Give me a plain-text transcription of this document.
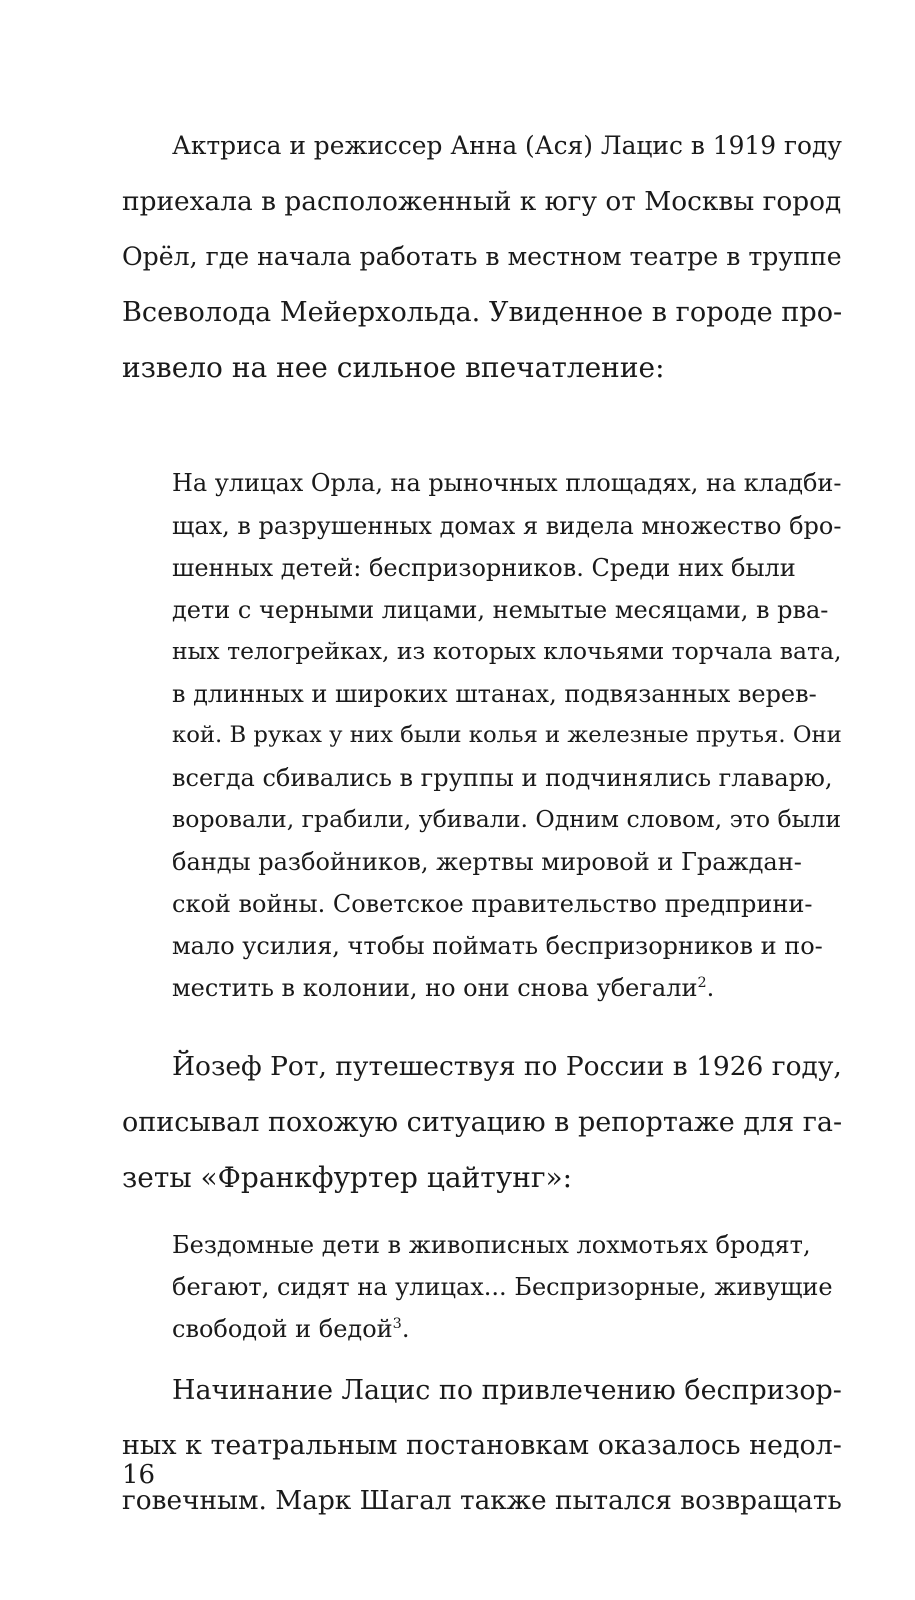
Актриса и режиссер Анна (Ася) Лацис в 1919 году

приехала в расположенный к югу от Москвы город

Орёл, где начала работать в местном театре в труппе

Всеволода Мейерхольда. Увиденное в городе про-

извело на нее сильное впечатление:

На улицах Орла, на рыночных площадях, на кладби-

щах, в разрушенных домах я видела множество бро-

шенных детей: беспризорников. Среди них были

дети с черными лицами, немытые месяцами, в рва-

ных телогрейках, из которых клочьями торчала вата,

в длинных и широких штанах, подвязанных верев-

кой. В руках у них были колья и железные прутья. Они

всегда сбивались в группы и подчинялись главарю,

воровали, грабили, убивали. Одним словом, это были

банды разбойников, жертвы мировой и Граждан-

ской войны. Советское правительство предприни-

мало усилия, чтобы поймать беспризорников и по-

местить в колонии, но они снова убегали$^2$.

Йозеф Рот, путешествуя по России в 1926 году,

описывал похожую ситуацию в репортаже для га-

зеты «Франкфуртер цайтунг»:

Бездомные дети в живописных лохмотьях бродят,

бегают, сидят на улицах... Беспризорные, живущие

свободой и бедой$^3$.

Начинание Лацис по привлечению беспризор-

ных к театральным постановкам оказалось недол-

говечным. Марк Шагал также пытался возвращать

16
